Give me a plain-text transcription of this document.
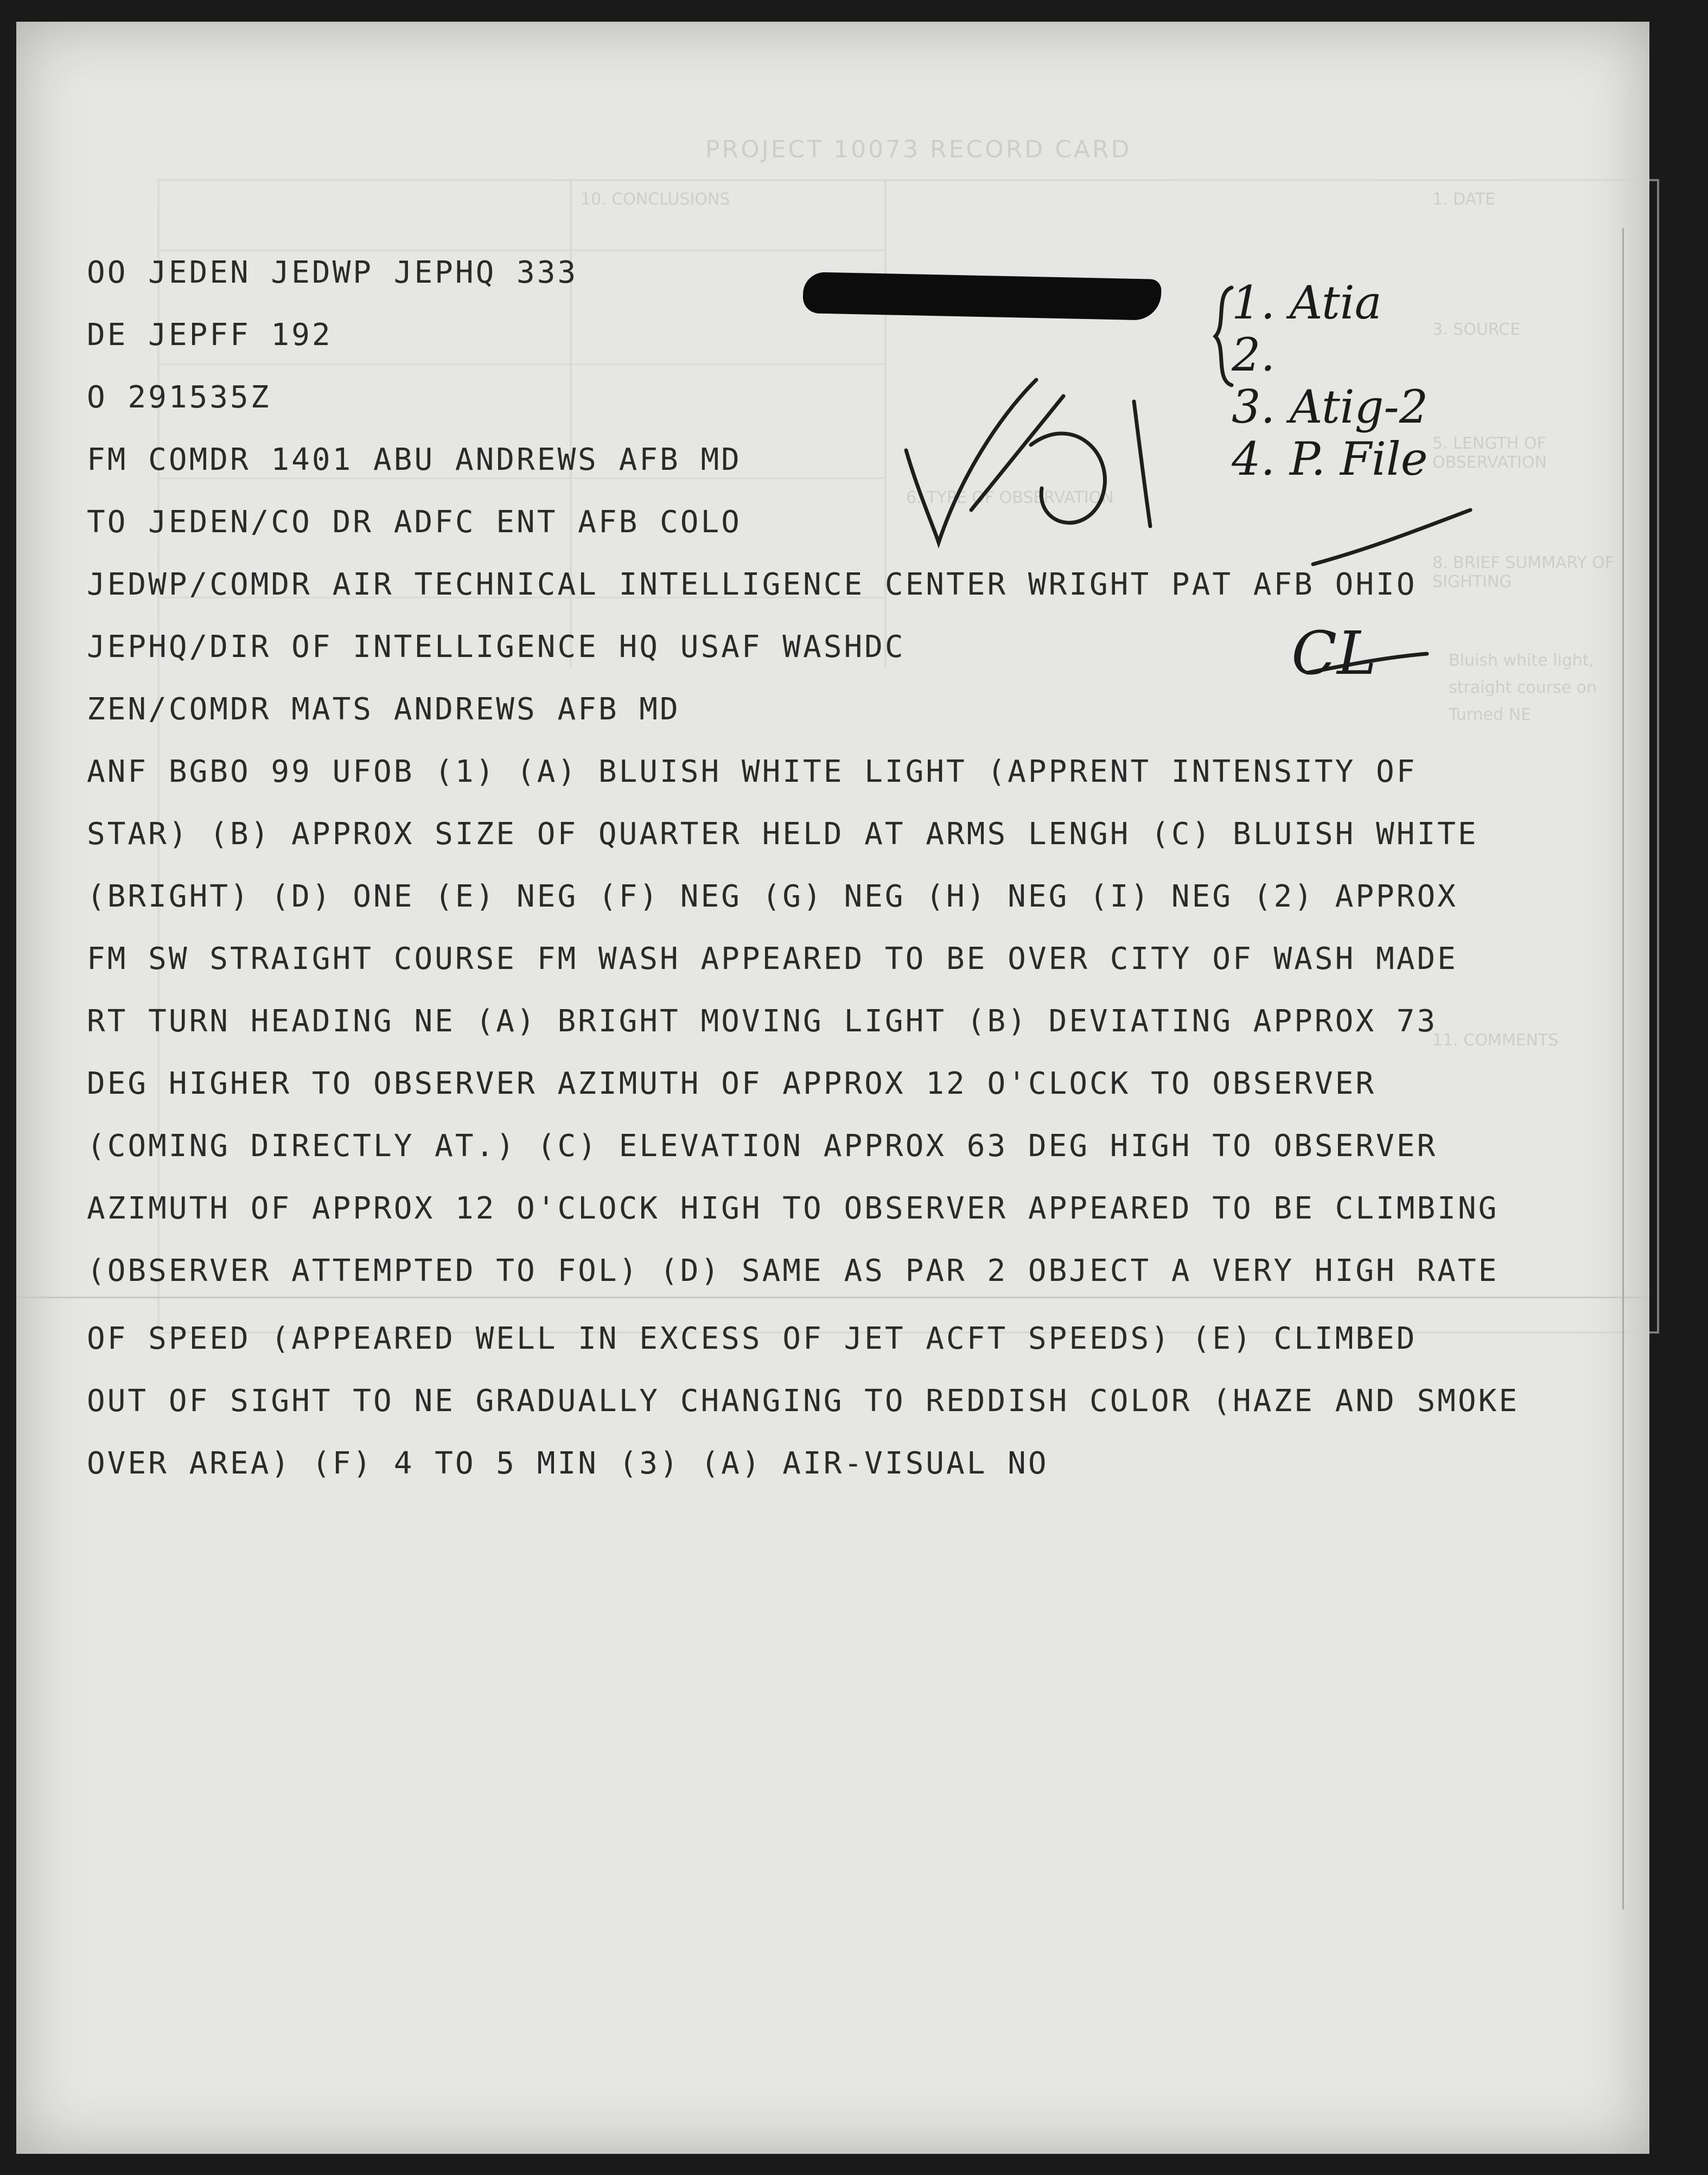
PROJECT 10073 RECORD CARD
1. DATE
10. CONCLUSIONS
3. SOURCE
5. LENGTH OF OBSERVATION
6. TYPE OF OBSERVATION
8. BRIEF SUMMARY OF SIGHTING
Bluish white light,
straight course on
Turned NE
11. COMMENTS
OO JEDEN JEDWP JEPHQ 333
DE JEPFF 192
O 291535Z
FM COMDR 1401 ABU ANDREWS AFB MD
TO JEDEN/CO DR ADFC ENT AFB COLO
JEDWP/COMDR AIR TECHNICAL INTELLIGENCE CENTER WRIGHT PAT AFB OHIO
JEPHQ/DIR OF INTELLIGENCE HQ USAF WASHDC
ZEN/COMDR MATS ANDREWS AFB MD
ANF BGBO 99 UFOB (1) (A) BLUISH WHITE LIGHT (APPRENT INTENSITY OF
STAR) (B) APPROX SIZE OF QUARTER HELD AT ARMS LENGH (C) BLUISH WHITE
(BRIGHT) (D) ONE (E) NEG (F) NEG (G) NEG (H) NEG (I) NEG (2) APPROX
FM SW STRAIGHT COURSE FM WASH APPEARED TO BE OVER CITY OF WASH MADE
RT TURN HEADING NE (A) BRIGHT MOVING LIGHT (B) DEVIATING APPROX 73
DEG HIGHER TO OBSERVER AZIMUTH OF APPROX 12 O'CLOCK TO OBSERVER
(COMING DIRECTLY AT.) (C) ELEVATION APPROX 63 DEG HIGH TO OBSERVER
AZIMUTH OF APPROX 12 O'CLOCK HIGH TO OBSERVER APPEARED TO BE CLIMBING
(OBSERVER ATTEMPTED TO FOL) (D) SAME AS PAR 2 OBJECT A VERY HIGH RATE
OF SPEED (APPEARED WELL IN EXCESS OF JET ACFT SPEEDS) (E) CLIMBED
OUT OF SIGHT TO NE GRADUALLY CHANGING TO REDDISH COLOR (HAZE AND SMOKE
OVER AREA) (F) 4 TO 5 MIN (3) (A) AIR-VISUAL NO
1. Atia
2.
3. Atig-2
4. P. File
CL
